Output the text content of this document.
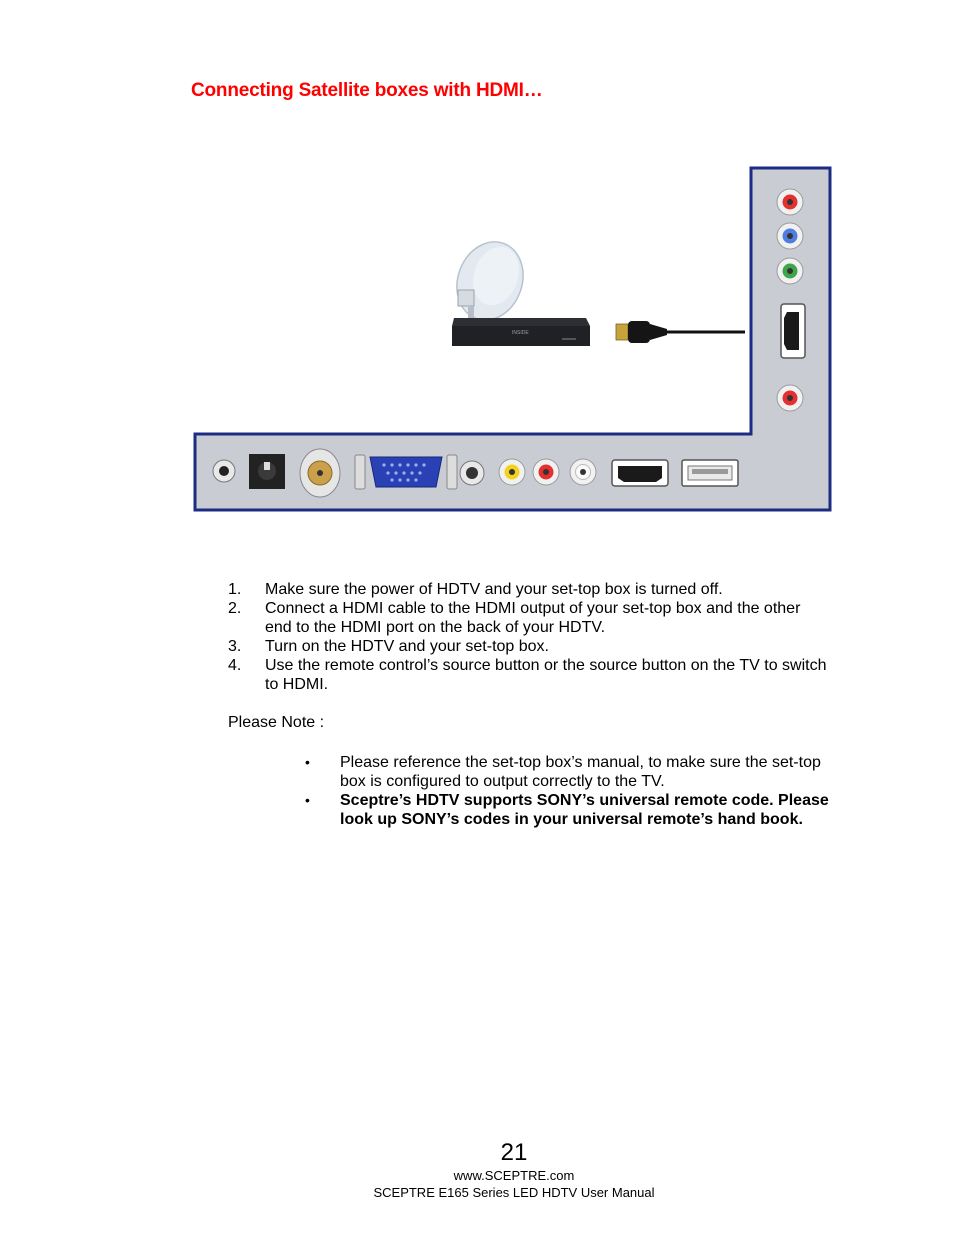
Connecting Satellite boxes with HDMI…
INSIDE
1. Make sure the power of HDTV and your set-top box is turned off.
2. Connect a HDMI cable to the HDMI output of your set-top box and the other end to the HDMI port on the back of your HDTV.
3. Turn on the HDTV and your set-top box.
4. Use the remote control’s source button or the source button on the TV to switch to HDMI.
Please Note :
• Please reference the set-top box’s manual, to make sure the set-top box is configured to output correctly to the TV.
• Sceptre’s HDTV supports SONY’s universal remote code. Please look up SONY’s codes in your universal remote’s hand book.
21
www.SCEPTRE.com
SCEPTRE E165 Series LED HDTV User Manual
